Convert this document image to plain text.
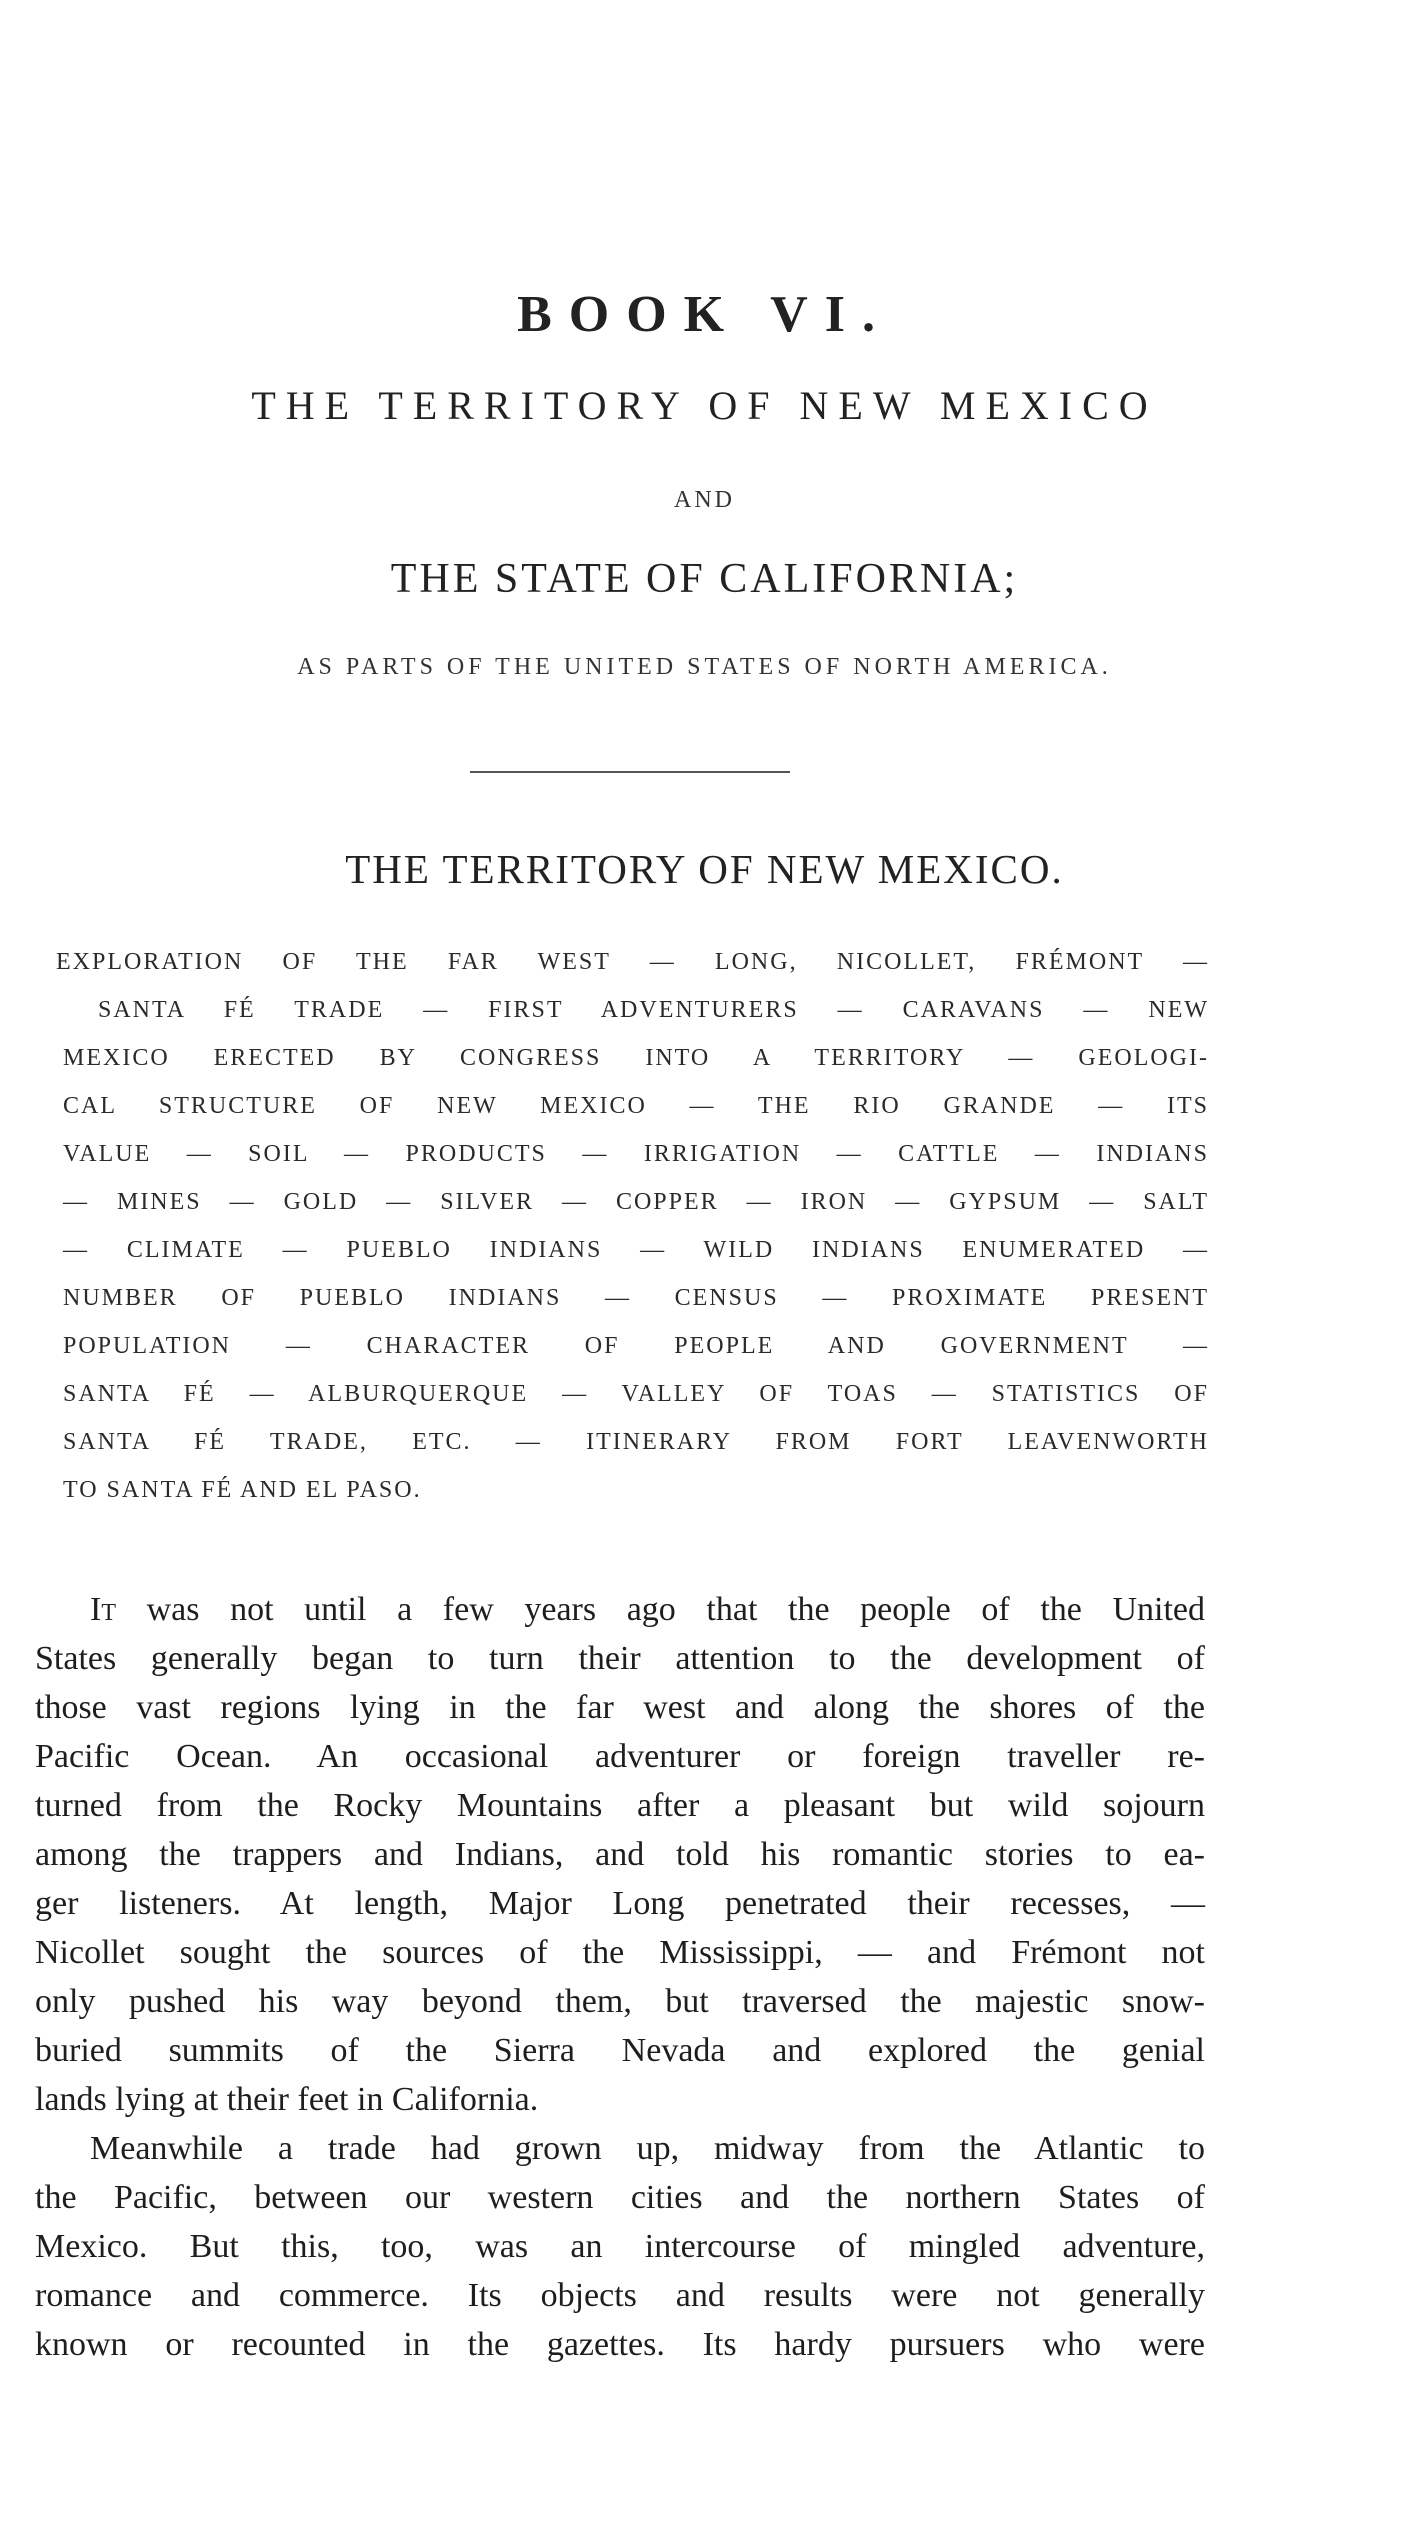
BOOK VI.
THE TERRITORY OF NEW MEXICO
AND
THE STATE OF CALIFORNIA;
AS PARTS OF THE UNITED STATES OF NORTH AMERICA.
THE TERRITORY OF NEW MEXICO.
EXPLORATION OF THE FAR WEST — LONG, NICOLLET, FRÉMONT —
SANTA FÉ TRADE — FIRST ADVENTURERS — CARAVANS — NEW
MEXICO ERECTED BY CONGRESS INTO A TERRITORY — GEOLOGI-
CAL STRUCTURE OF NEW MEXICO — THE RIO GRANDE — ITS
VALUE — SOIL — PRODUCTS — IRRIGATION — CATTLE — INDIANS
— MINES — GOLD — SILVER — COPPER — IRON — GYPSUM — SALT
— CLIMATE — PUEBLO INDIANS — WILD INDIANS ENUMERATED —
NUMBER OF PUEBLO INDIANS — CENSUS — PROXIMATE PRESENT
POPULATION — CHARACTER OF PEOPLE AND GOVERNMENT —
SANTA FÉ — ALBURQUERQUE — VALLEY OF TOAS — STATISTICS OF
SANTA FÉ TRADE, ETC. — ITINERARY FROM FORT LEAVENWORTH
TO SANTA FÉ AND EL PASO.
It was not until a few years ago that the people of the United
States generally began to turn their attention to the development of
those vast regions lying in the far west and along the shores of the
Pacific Ocean. An occasional adventurer or foreign traveller re-
turned from the Rocky Mountains after a pleasant but wild sojourn
among the trappers and Indians, and told his romantic stories to ea-
ger listeners. At length, Major Long penetrated their recesses, —
Nicollet sought the sources of the Mississippi, — and Frémont not
only pushed his way beyond them, but traversed the majestic snow-
buried summits of the Sierra Nevada and explored the genial
lands lying at their feet in California.
Meanwhile a trade had grown up, midway from the Atlantic to
the Pacific, between our western cities and the northern States of
Mexico. But this, too, was an intercourse of mingled adventure,
romance and commerce. Its objects and results were not generally
known or recounted in the gazettes. Its hardy pursuers who were
